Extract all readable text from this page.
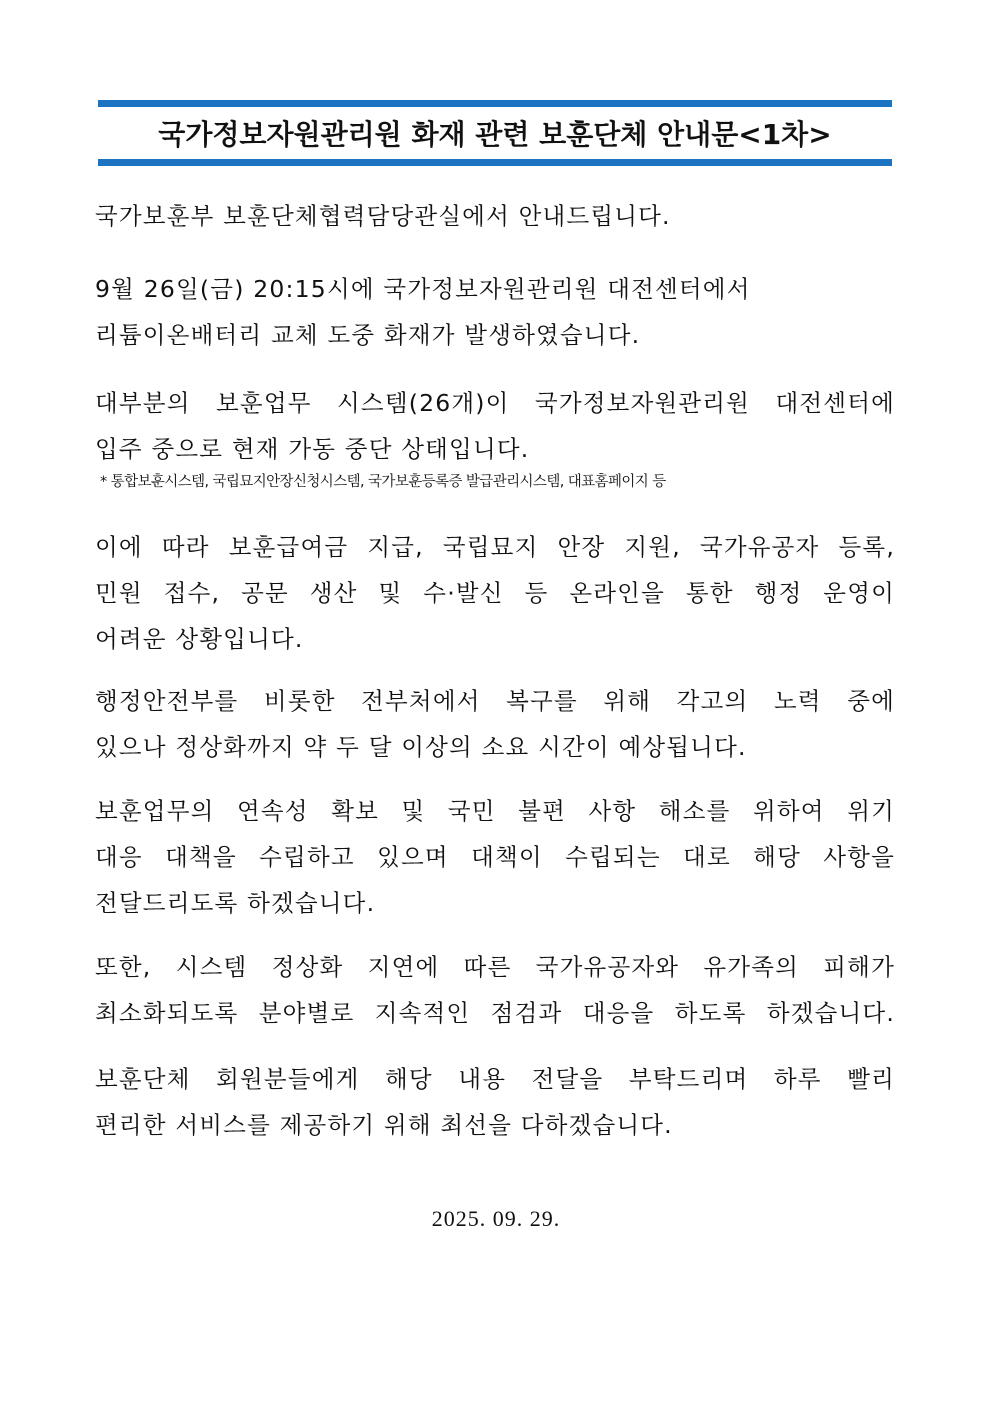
국가정보자원관리원 화재 관련 보훈단체 안내문<1차>
국가보훈부 보훈단체협력담당관실에서 안내드립니다.
9월 26일(금) 20:15시에 국가정보자원관리원 대전센터에서
리튬이온배터리 교체 도중 화재가 발생하였습니다.
대부분의 보훈업무 시스템(26개)이 국가정보자원관리원 대전센터에
입주 중으로 현재 가동 중단 상태입니다.
* 통합보훈시스템, 국립묘지안장신청시스템, 국가보훈등록증 발급관리시스템, 대표홈페이지 등
이에 따라 보훈급여금 지급, 국립묘지 안장 지원, 국가유공자 등록,
민원 접수, 공문 생산 및 수·발신 등 온라인을 통한 행정 운영이
어려운 상황입니다.
행정안전부를 비롯한 전부처에서 복구를 위해 각고의 노력 중에
있으나 정상화까지 약 두 달 이상의 소요 시간이 예상됩니다.
보훈업무의 연속성 확보 및 국민 불편 사항 해소를 위하여 위기
대응 대책을 수립하고 있으며 대책이 수립되는 대로 해당 사항을
전달드리도록 하겠습니다.
또한, 시스템 정상화 지연에 따른 국가유공자와 유가족의 피해가
최소화되도록 분야별로 지속적인 점검과 대응을 하도록 하겠습니다.
보훈단체 회원분들에게 해당 내용 전달을 부탁드리며 하루 빨리
편리한 서비스를 제공하기 위해 최선을 다하겠습니다.
2025. 09. 29.
